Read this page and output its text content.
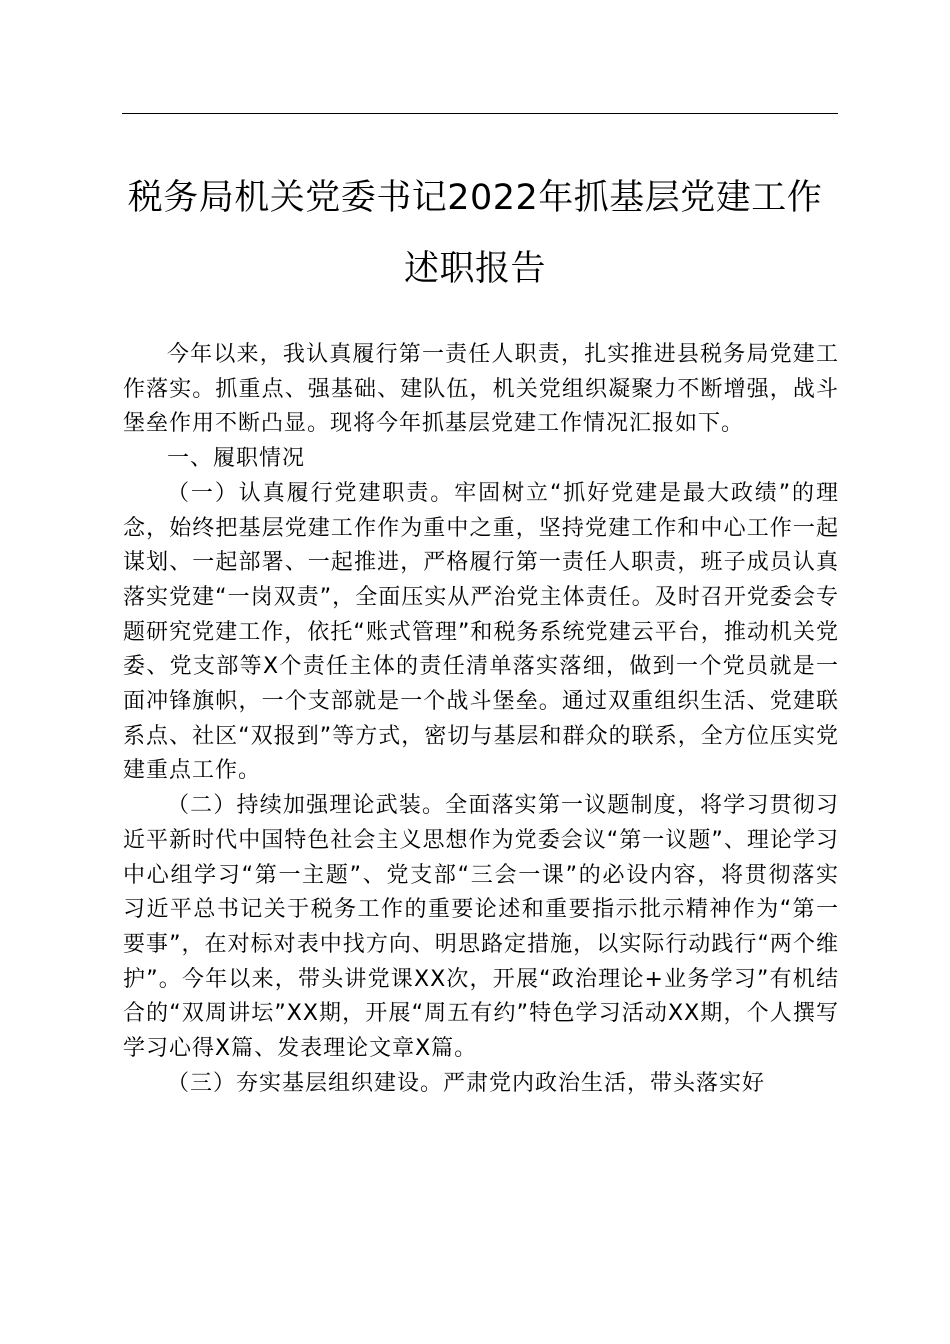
税务局机关党委书记2022年抓基层党建工作
述职报告

今年以来，我认真履行第一责任人职责，扎实推进县税务局党建工作落实。抓重点、强基础、建队伍，机关党组织凝聚力不断增强，战斗堡垒作用不断凸显。现将今年抓基层党建工作情况汇报如下。

一、履职情况

（一）认真履行党建职责。牢固树立“抓好党建是最大政绩”的理念，始终把基层党建工作作为重中之重，坚持党建工作和中心工作一起谋划、一起部署、一起推进，严格履行第一责任人职责，班子成员认真落实党建“一岗双责”，全面压实从严治党主体责任。及时召开党委会专题研究党建工作，依托“账式管理”和税务系统党建云平台，推动机关党委、党支部等X个责任主体的责任清单落实落细，做到一个党员就是一面冲锋旗帜，一个支部就是一个战斗堡垒。通过双重组织生活、党建联系点、社区“双报到”等方式，密切与基层和群众的联系，全方位压实党建重点工作。

（二）持续加强理论武装。全面落实第一议题制度，将学习贯彻习近平新时代中国特色社会主义思想作为党委会议“第一议题”、理论学习中心组学习“第一主题”、党支部“三会一课”的必设内容，将贯彻落实习近平总书记关于税务工作的重要论述和重要指示批示精神作为“第一要事”，在对标对表中找方向、明思路定措施，以实际行动践行“两个维护”。今年以来，带头讲党课XX次，开展“政治理论+业务学习”有机结合的“双周讲坛”XX期，开展“周五有约”特色学习活动XX期，个人撰写学习心得X篇、发表理论文章X篇。

（三）夯实基层组织建设。严肃党内政治生活，带头落实好
